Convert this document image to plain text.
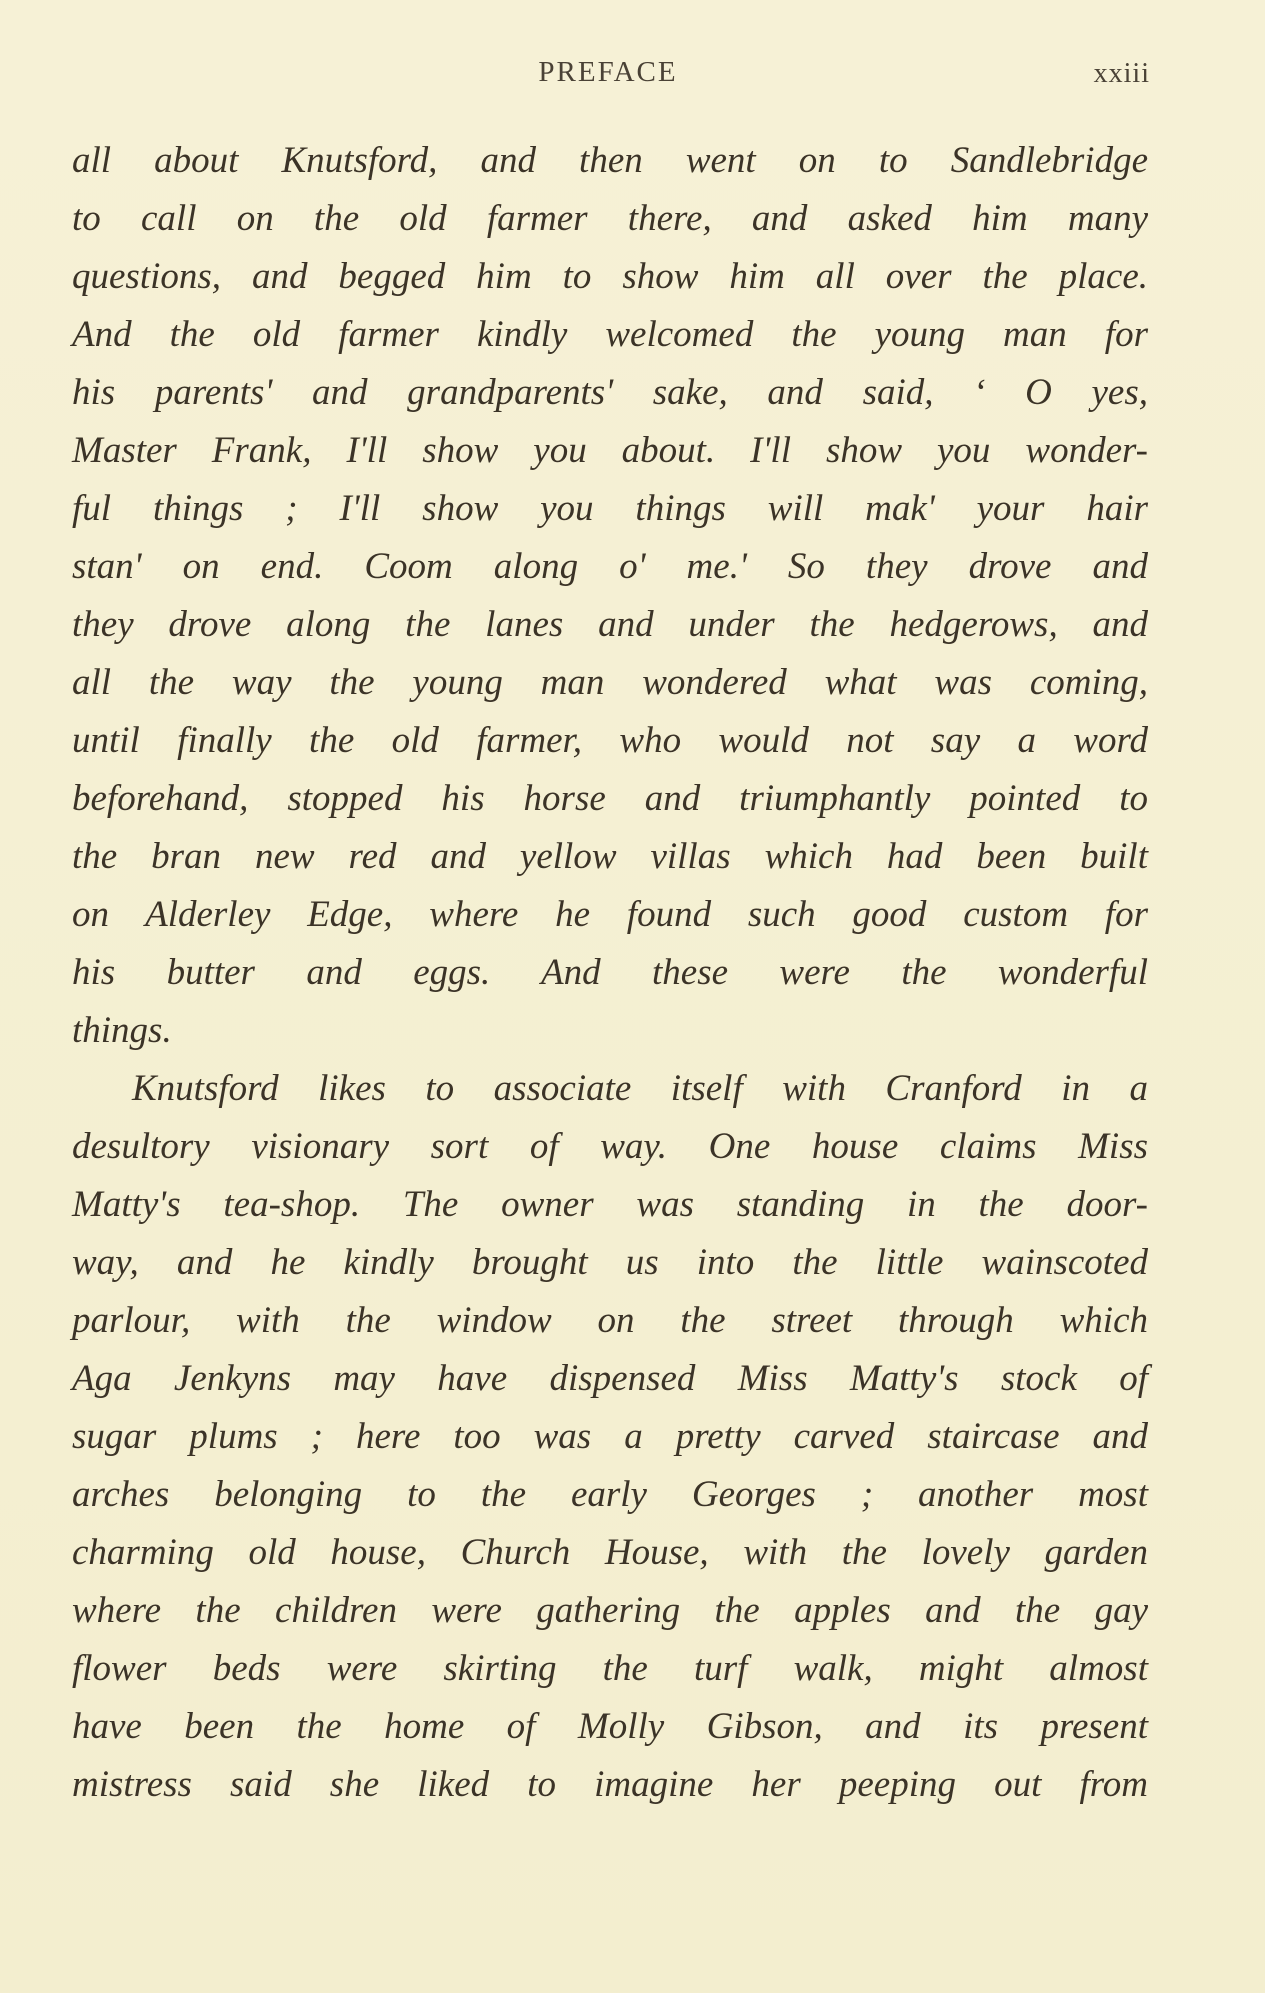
PREFACE	xxiii
all about Knutsford, and then went on to Sandlebridge
to call on the old farmer there, and asked him many
questions, and begged him to show him all over the place.
And the old farmer kindly welcomed the young man for
his parents' and grandparents' sake, and said, ‘ O yes,
Master Frank, I'll show you about. I'll show you wonder-
ful things ; I'll show you things will mak' your hair
stan' on end. Coom along o' me.' So they drove and
they drove along the lanes and under the hedgerows, and
all the way the young man wondered what was coming,
until finally the old farmer, who would not say a word
beforehand, stopped his horse and triumphantly pointed to
the bran new red and yellow villas which had been built
on Alderley Edge, where he found such good custom for
his butter and eggs. And these were the wonderful
things.
Knutsford likes to associate itself with Cranford in a
desultory visionary sort of way. One house claims Miss
Matty's tea-shop. The owner was standing in the door-
way, and he kindly brought us into the little wainscoted
parlour, with the window on the street through which
Aga Jenkyns may have dispensed Miss Matty's stock of
sugar plums ; here too was a pretty carved staircase and
arches belonging to the early Georges ; another most
charming old house, Church House, with the lovely garden
where the children were gathering the apples and the gay
flower beds were skirting the turf walk, might almost
have been the home of Molly Gibson, and its present
mistress said she liked to imagine her peeping out from
